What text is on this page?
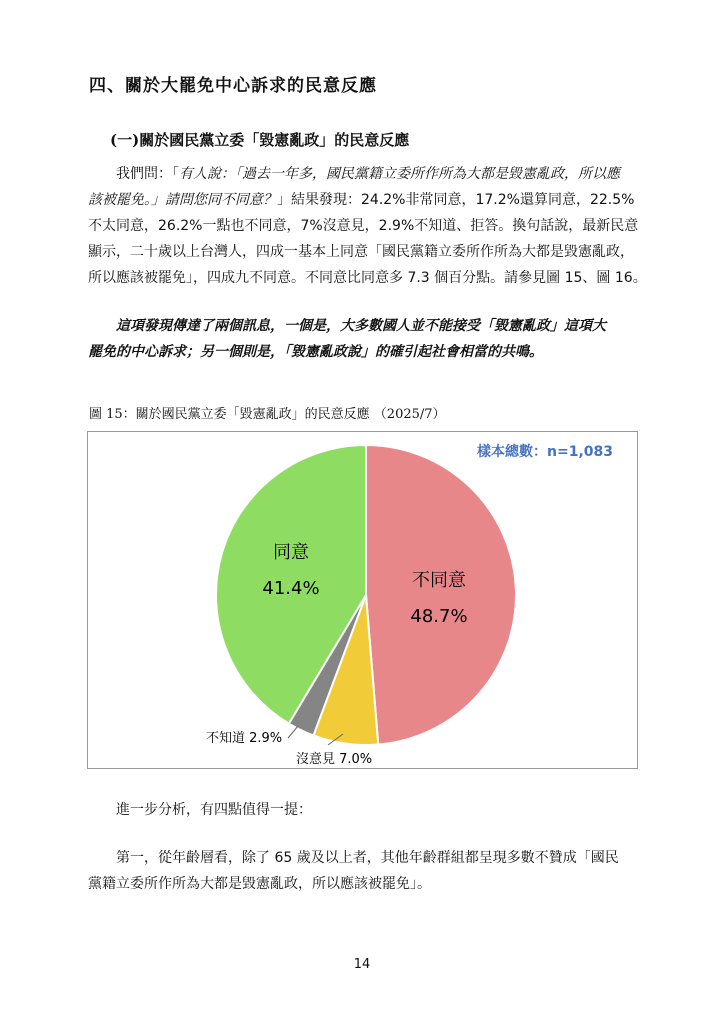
四、關於大罷免中心訴求的民意反應
(一)關於國民黨立委「毀憲亂政」的民意反應
我們問：「有人說：「過去一年多，國民黨籍立委所作所為大都是毀憲亂政，所以應
該被罷免。」請問您同不同意？」結果發現：24.2%非常同意，17.2%還算同意，22.5%
不太同意，26.2%一點也不同意，7%沒意見，2.9%不知道、拒答。換句話說，最新民意
顯示，二十歲以上台灣人，四成一基本上同意「國民黨籍立委所作所為大都是毀憲亂政，
所以應該被罷免」，四成九不同意。不同意比同意多 7.3 個百分點。請參見圖 15、圖 16。
這項發現傳達了兩個訊息，一個是，大多數國人並不能接受「毀憲亂政」這項大
罷免的中心訴求；另一個則是，「毀憲亂政說」的確引起社會相當的共鳴。
圖 15：關於國民黨立委「毀憲亂政」的民意反應 （2025/7）
樣本總數：n=1,083
不同意
48.7%
同意
41.4%
沒意見 7.0%
不知道 2.9%
進一步分析，有四點值得一提：
第一，從年齡層看，除了 65 歲及以上者，其他年齡群組都呈現多數不贊成「國民
黨籍立委所作所為大都是毀憲亂政，所以應該被罷免」。
14
